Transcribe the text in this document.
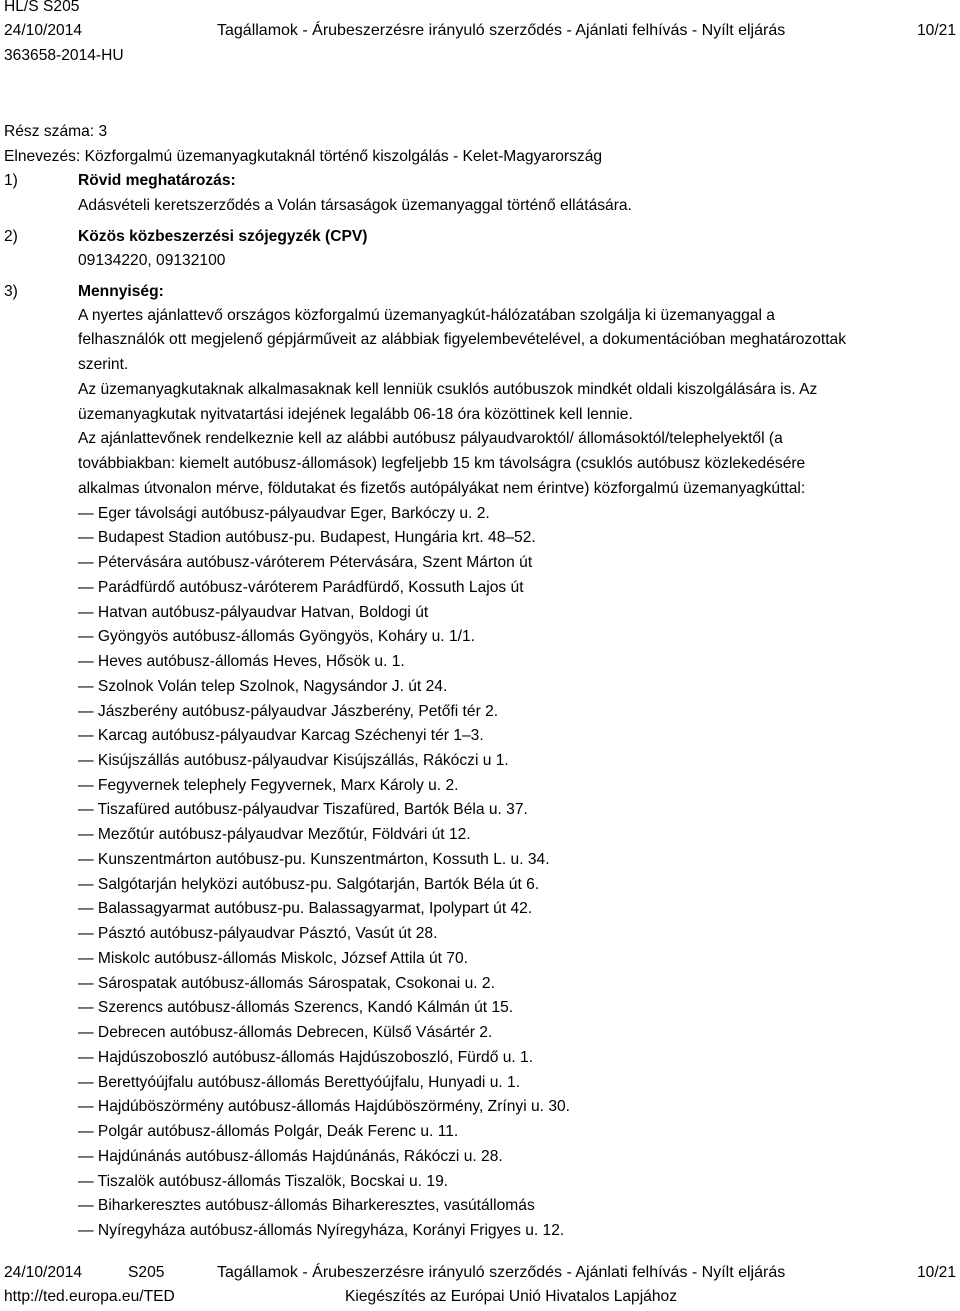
HL/S S205
24/10/2014	Tagállamok - Árubeszerzésre irányuló szerződés - Ajánlati felhívás - Nyílt eljárás	10/21
363658-2014-HU
Rész száma: 3
Elnevezés: Közforgalmú üzemanyagkutaknál történő kiszolgálás - Kelet-Magyarország
1)	Rövid meghatározás:
Adásvételi keretszerződés a Volán társaságok üzemanyaggal történő ellátására.
2)	Közös közbeszerzési szójegyzék (CPV)
09134220, 09132100
3)	Mennyiség:
A nyertes ajánlattevő országos közforgalmú üzemanyagkút-hálózatában szolgálja ki üzemanyaggal a
felhasználók ott megjelenő gépjárműveit az alábbiak figyelembevételével, a dokumentációban meghatározottak
szerint.
Az üzemanyagkutaknak alkalmasaknak kell lenniük csuklós autóbuszok mindkét oldali kiszolgálására is. Az
üzemanyagkutak nyitvatartási idejének legalább 06-18 óra közöttinek kell lennie.
Az ajánlattevőnek rendelkeznie kell az alábbi autóbusz pályaudvaroktól/ állomásoktól/telephelyektől (a
továbbiakban: kiemelt autóbusz-állomások) legfeljebb 15 km távolságra (csuklós autóbusz közlekedésére
alkalmas útvonalon mérve, földutakat és fizetős autópályákat nem érintve) közforgalmú üzemanyagkúttal:
— Eger távolsági autóbusz-pályaudvar Eger, Barkóczy u. 2.
— Budapest Stadion autóbusz-pu. Budapest, Hungária krt. 48–52.
— Pétervására autóbusz-váróterem Pétervására, Szent Márton út
— Parádfürdő autóbusz-váróterem Parádfürdő, Kossuth Lajos út
— Hatvan autóbusz-pályaudvar Hatvan, Boldogi út
— Gyöngyös autóbusz-állomás Gyöngyös, Koháry u. 1/1.
— Heves autóbusz-állomás Heves, Hősök u. 1.
— Szolnok Volán telep Szolnok, Nagysándor J. út 24.
— Jászberény autóbusz-pályaudvar Jászberény, Petőfi tér 2.
— Karcag autóbusz-pályaudvar Karcag Széchenyi tér 1–3.
— Kisújszállás autóbusz-pályaudvar Kisújszállás, Rákóczi u 1.
— Fegyvernek telephely Fegyvernek, Marx Károly u. 2.
— Tiszafüred autóbusz-pályaudvar Tiszafüred, Bartók Béla u. 37.
— Mezőtúr autóbusz-pályaudvar Mezőtúr, Földvári út 12.
— Kunszentmárton autóbusz-pu. Kunszentmárton, Kossuth L. u. 34.
— Salgótarján helyközi autóbusz-pu. Salgótarján, Bartók Béla út 6.
— Balassagyarmat autóbusz-pu. Balassagyarmat, Ipolypart út 42.
— Pásztó autóbusz-pályaudvar Pásztó, Vasút út 28.
— Miskolc autóbusz-állomás Miskolc, József Attila út 70.
— Sárospatak autóbusz-állomás Sárospatak, Csokonai u. 2.
— Szerencs autóbusz-állomás Szerencs, Kandó Kálmán út 15.
— Debrecen autóbusz-állomás Debrecen, Külső Vásártér 2.
— Hajdúszoboszló autóbusz-állomás Hajdúszoboszló, Fürdő u. 1.
— Berettyóújfalu autóbusz-állomás Berettyóújfalu, Hunyadi u. 1.
— Hajdúböszörmény autóbusz-állomás Hajdúböszörmény, Zrínyi u. 30.
— Polgár autóbusz-állomás Polgár, Deák Ferenc u. 11.
— Hajdúnánás autóbusz-állomás Hajdúnánás, Rákóczi u. 28.
— Tiszalök autóbusz-állomás Tiszalök, Bocskai u. 19.
— Biharkeresztes autóbusz-állomás Biharkeresztes, vasútállomás
— Nyíregyháza autóbusz-állomás Nyíregyháza, Korányi Frigyes u. 12.
24/10/2014	S205	Tagállamok - Árubeszerzésre irányuló szerződés - Ajánlati felhívás - Nyílt eljárás	10/21
http://ted.europa.eu/TED	Kiegészítés az Európai Unió Hivatalos Lapjához
